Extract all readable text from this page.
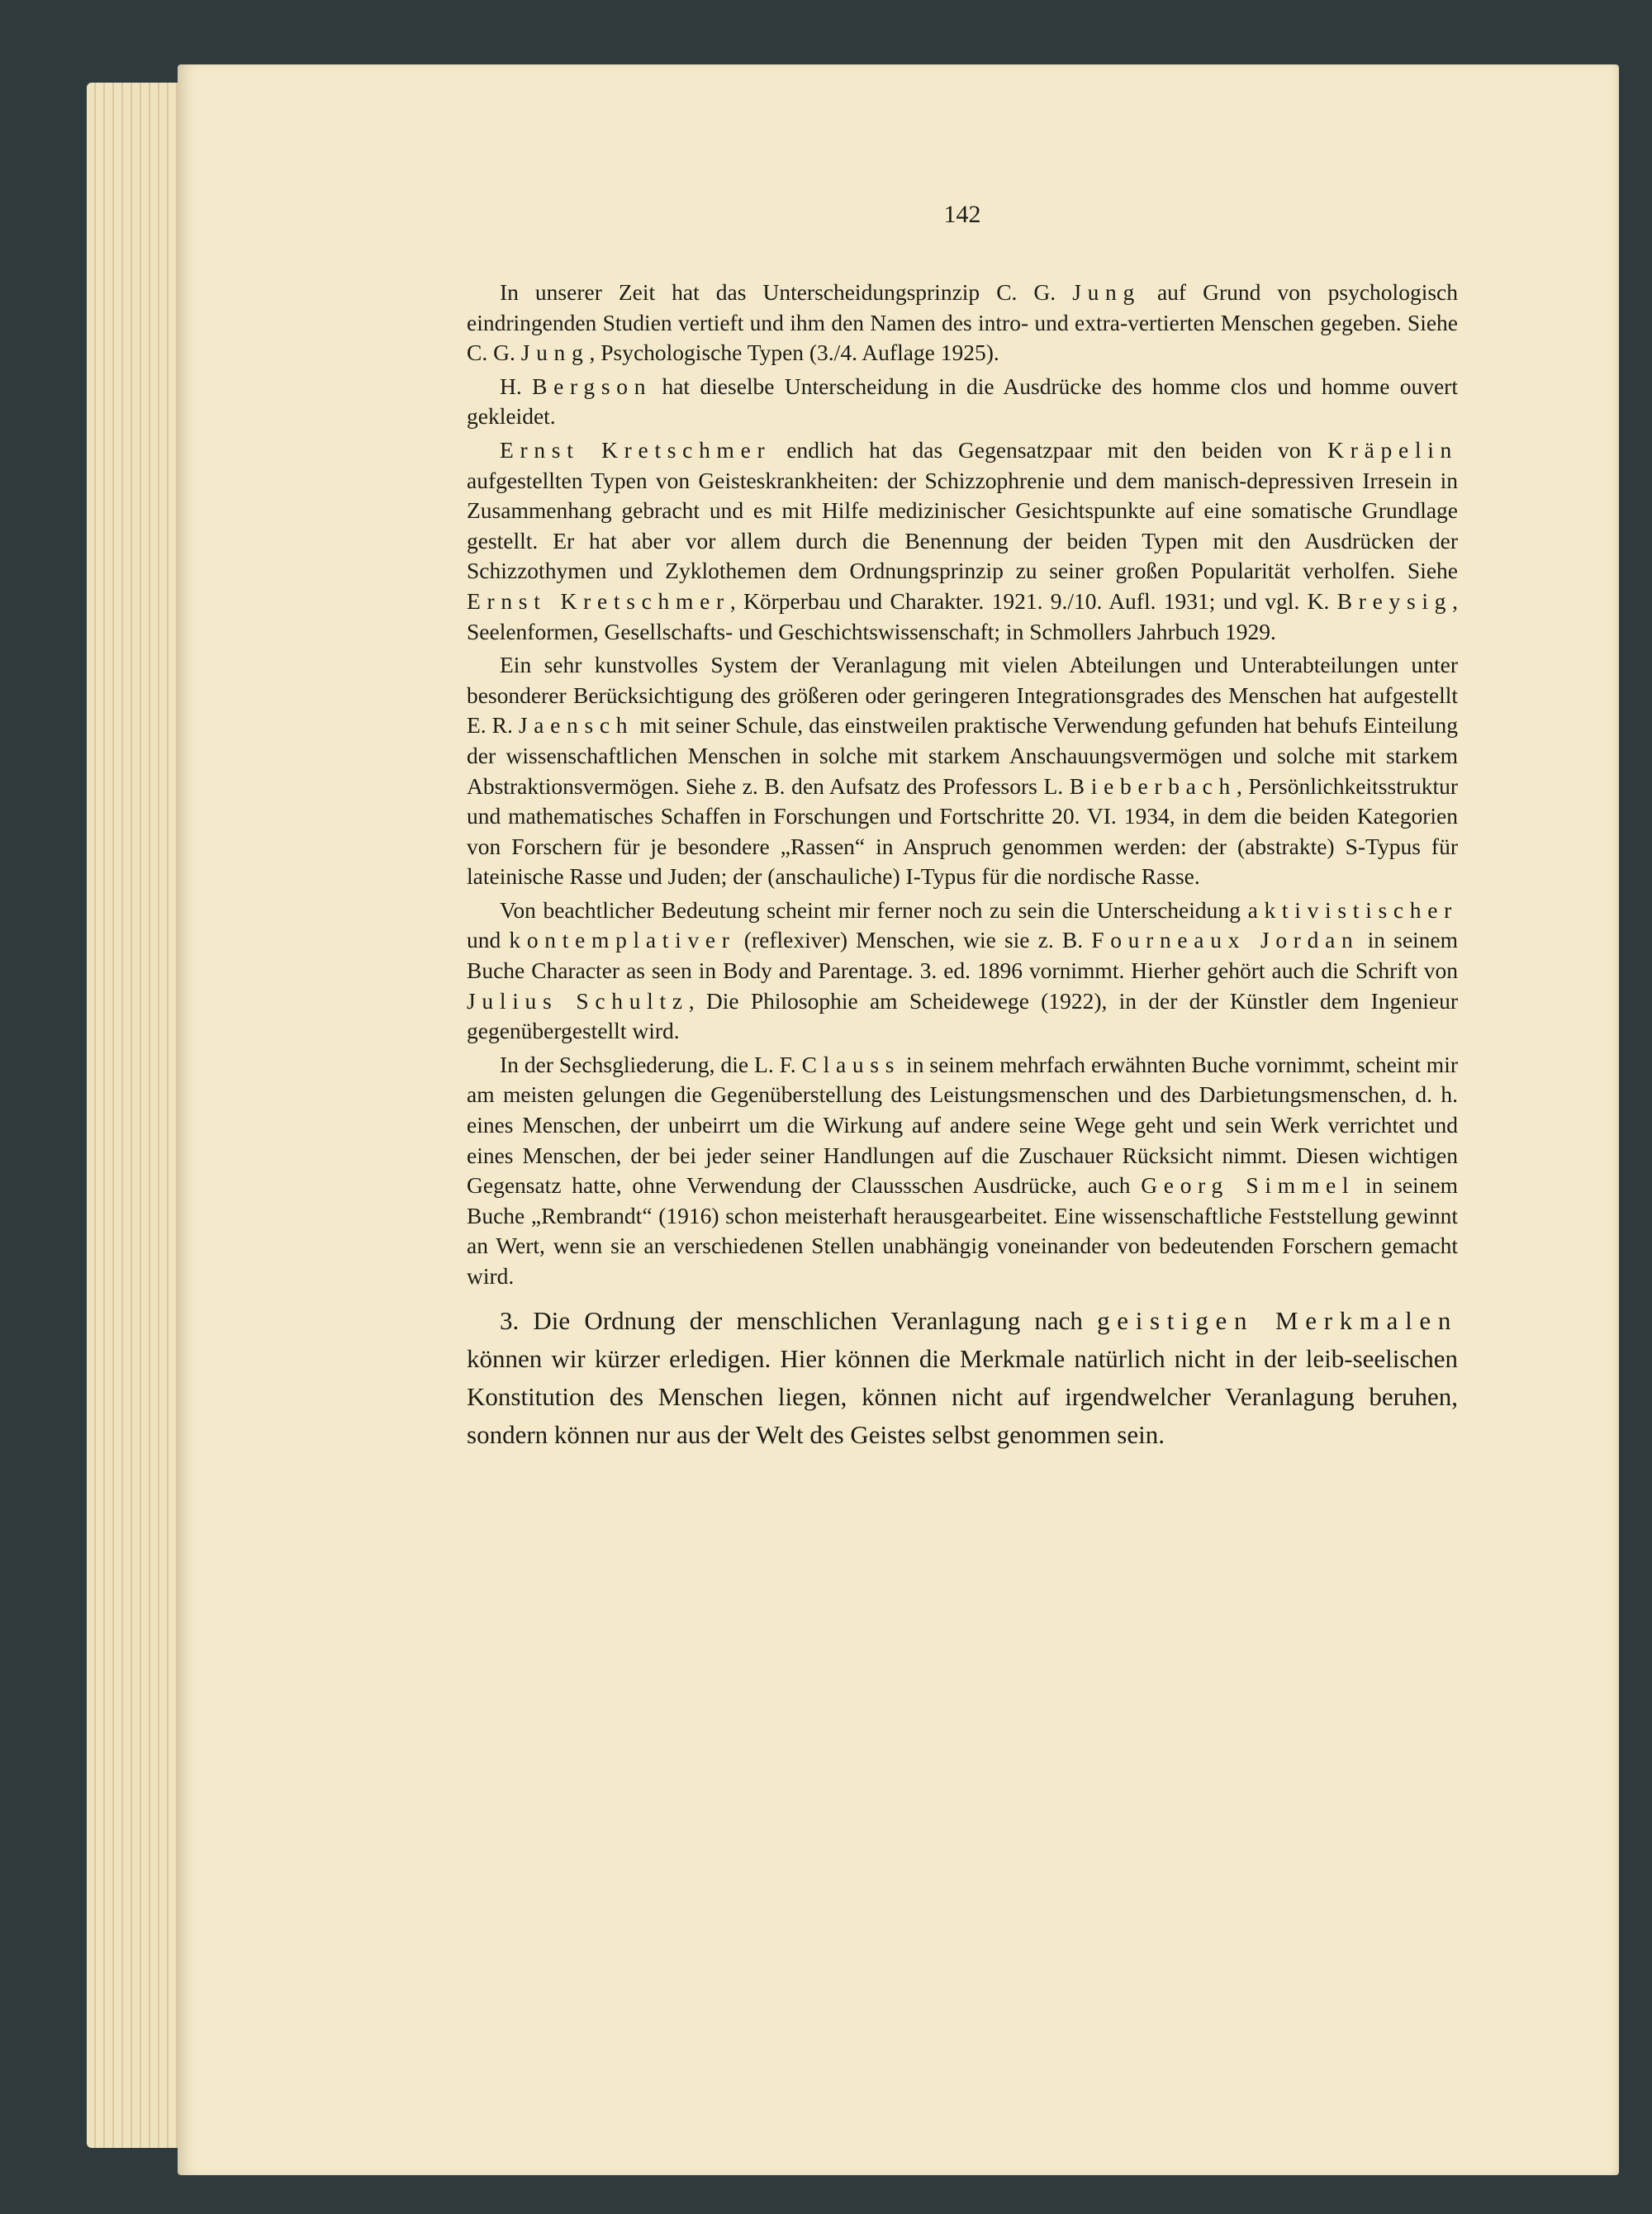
142

In unserer Zeit hat das Unterscheidungsprinzip C. G. Jung auf Grund von psychologisch eindringenden Studien vertieft und ihm den Namen des intro- und extra-vertierten Menschen gegeben. Siehe C. G. Jung, Psychologische Typen (3./4. Auflage 1925).

H. Bergson hat dieselbe Unterscheidung in die Ausdrücke des homme clos und homme ouvert gekleidet.

Ernst Kretschmer endlich hat das Gegensatzpaar mit den beiden von Kräpelin aufgestellten Typen von Geisteskrankheiten: der Schizzophrenie und dem manisch-depressiven Irresein in Zusammenhang gebracht und es mit Hilfe medizinischer Gesichtspunkte auf eine somatische Grundlage gestellt. Er hat aber vor allem durch die Benennung der beiden Typen mit den Ausdrücken der Schizzothymen und Zyklothemen dem Ordnungsprinzip zu seiner großen Popularität verholfen. Siehe Ernst Kretschmer, Körperbau und Charakter. 1921. 9./10. Aufl. 1931; und vgl. K. Breysig, Seelenformen, Gesellschafts- und Geschichtswissenschaft; in Schmollers Jahrbuch 1929.

Ein sehr kunstvolles System der Veranlagung mit vielen Abteilungen und Unterabteilungen unter besonderer Berücksichtigung des größeren oder geringeren Integrationsgrades des Menschen hat aufgestellt E. R. Jaensch mit seiner Schule, das einstweilen praktische Verwendung gefunden hat behufs Einteilung der wissenschaftlichen Menschen in solche mit starkem Anschauungsvermögen und solche mit starkem Abstraktionsvermögen. Siehe z. B. den Aufsatz des Professors L. Bieberbach, Persönlichkeitsstruktur und mathematisches Schaffen in Forschungen und Fortschritte 20. VI. 1934, in dem die beiden Kategorien von Forschern für je besondere „Rassen“ in Anspruch genommen werden: der (abstrakte) S-Typus für lateinische Rasse und Juden; der (anschauliche) I-Typus für die nordische Rasse.

Von beachtlicher Bedeutung scheint mir ferner noch zu sein die Unterscheidung aktivistischer und kontemplativer (reflexiver) Menschen, wie sie z. B. Fourneaux Jordan in seinem Buche Character as seen in Body and Parentage. 3. ed. 1896 vornimmt. Hierher gehört auch die Schrift von Julius Schultz, Die Philosophie am Scheidewege (1922), in der der Künstler dem Ingenieur gegenübergestellt wird.

In der Sechsgliederung, die L. F. Clauss in seinem mehrfach erwähnten Buche vornimmt, scheint mir am meisten gelungen die Gegenüberstellung des Leistungsmenschen und des Darbietungsmenschen, d. h. eines Menschen, der unbeirrt um die Wirkung auf andere seine Wege geht und sein Werk verrichtet und eines Menschen, der bei jeder seiner Handlungen auf die Zuschauer Rücksicht nimmt. Diesen wichtigen Gegensatz hatte, ohne Verwendung der Claussschen Ausdrücke, auch Georg Simmel in seinem Buche „Rembrandt“ (1916) schon meisterhaft herausgearbeitet. Eine wissenschaftliche Feststellung gewinnt an Wert, wenn sie an verschiedenen Stellen unabhängig voneinander von bedeutenden Forschern gemacht wird.

3. Die Ordnung der menschlichen Veranlagung nach geistigen Merkmalen können wir kürzer erledigen. Hier können die Merkmale natürlich nicht in der leib-seelischen Konstitution des Menschen liegen, können nicht auf irgendwelcher Veranlagung beruhen, sondern können nur aus der Welt des Geistes selbst genommen sein.
